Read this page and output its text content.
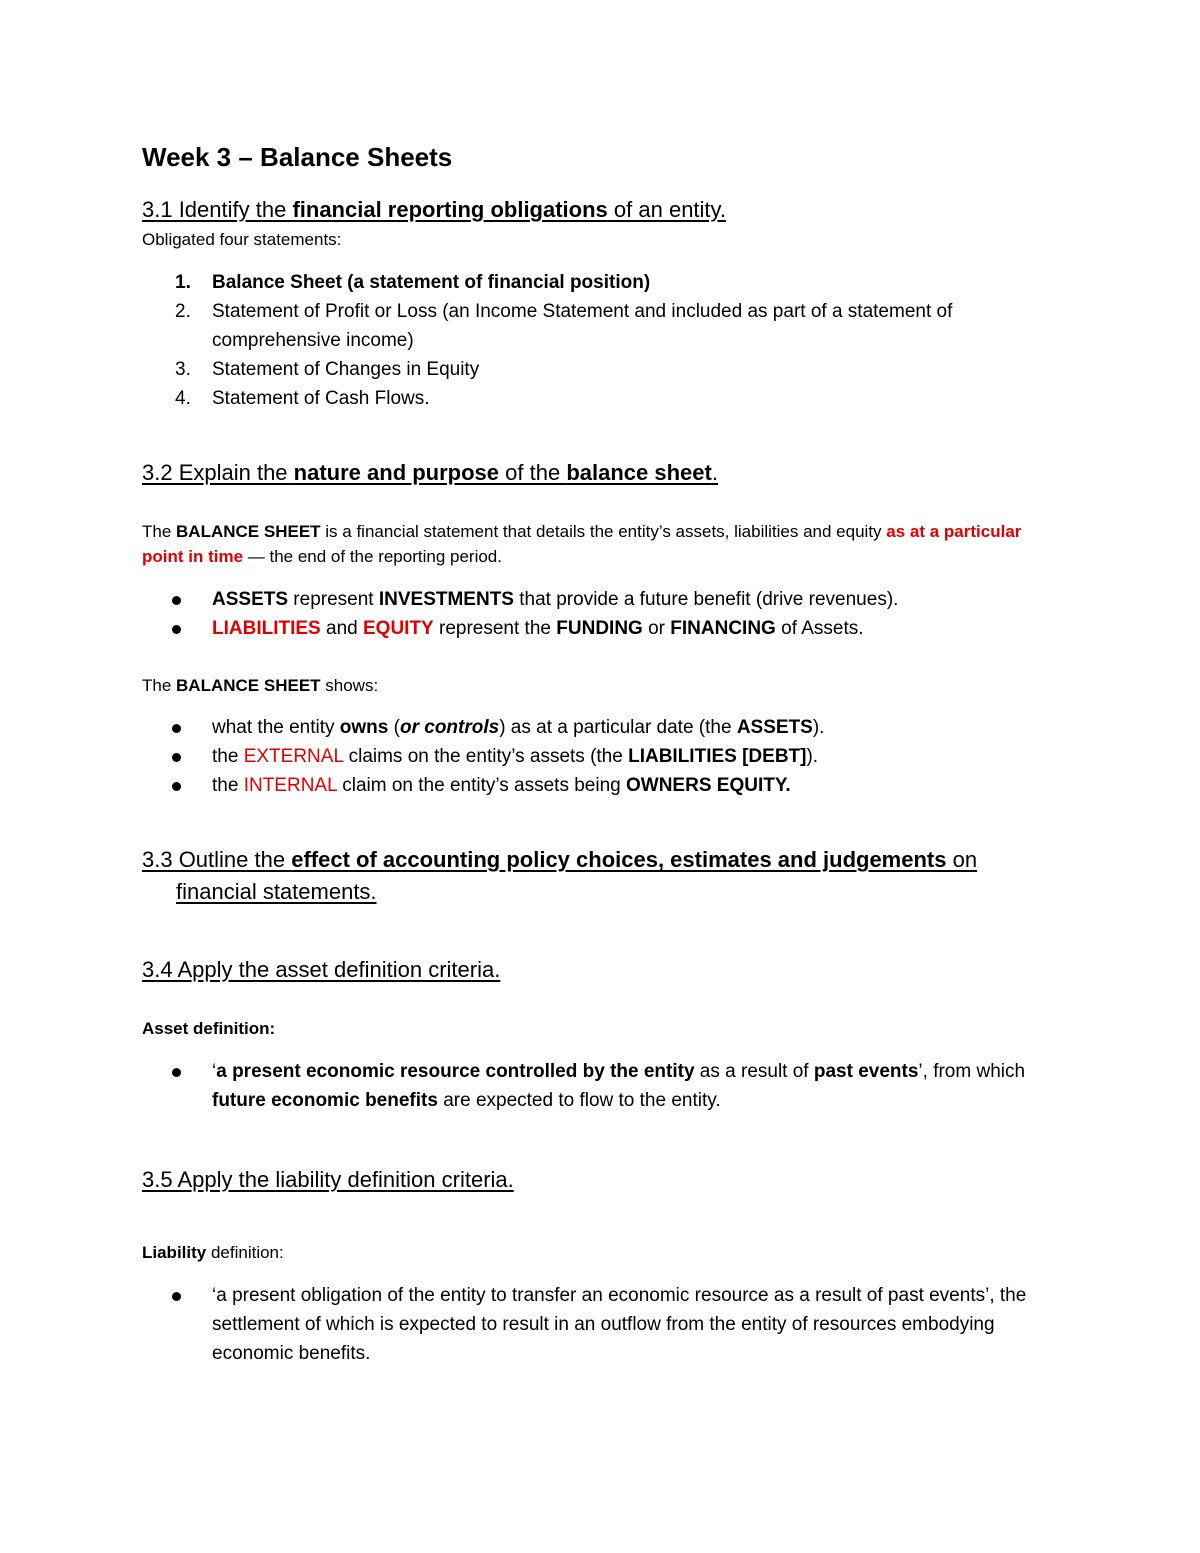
Week 3 – Balance Sheets

3.1 Identify the financial reporting obligations of an entity.

Obligated four statements:

1. Balance Sheet (a statement of financial position)
2. Statement of Profit or Loss (an Income Statement and included as part of a statement of comprehensive income)
3. Statement of Changes in Equity
4. Statement of Cash Flows.

3.2 Explain the nature and purpose of the balance sheet.

The BALANCE SHEET is a financial statement that details the entity’s assets, liabilities and equity as at a particular point in time — the end of the reporting period.

ASSETS represent INVESTMENTS that provide a future benefit (drive revenues).
LIABILITIES and EQUITY represent the FUNDING or FINANCING of Assets.

The BALANCE SHEET shows:

what the entity owns (or controls) as at a particular date (the ASSETS).
the EXTERNAL claims on the entity’s assets (the LIABILITIES [DEBT]).
the INTERNAL claim on the entity’s assets being OWNERS EQUITY.

3.3 Outline the effect of accounting policy choices, estimates and judgements on

financial statements.

3.4 Apply the asset definition criteria.

Asset definition:

‘a present economic resource controlled by the entity as a result of past events’, from which future economic benefits are expected to flow to the entity.

3.5 Apply the liability definition criteria.

Liability definition:

‘a present obligation of the entity to transfer an economic resource as a result of past events’, the settlement of which is expected to result in an outflow from the entity of resources embodying economic benefits.
